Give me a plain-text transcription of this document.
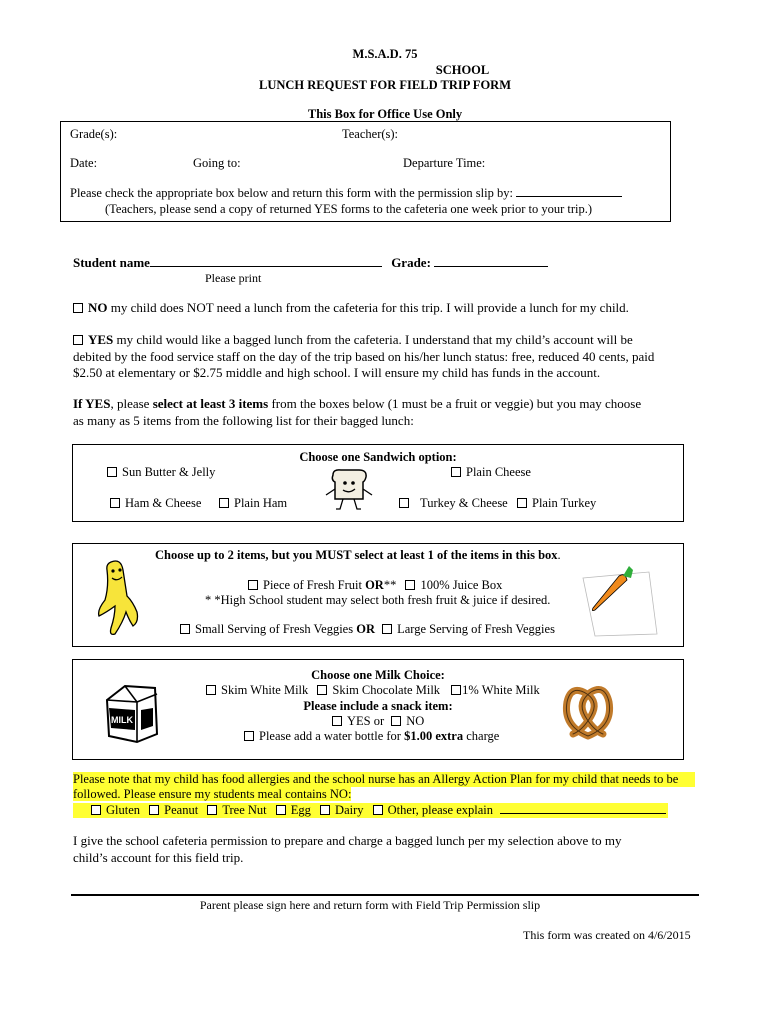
M.S.A.D. 75
SCHOOL
LUNCH REQUEST FOR FIELD TRIP FORM
This Box for Office Use Only
Grade(s):	Teacher(s):
Date:	Going to:	Departure Time:
Please check the appropriate box below and return this form with the permission slip by:
(Teachers, please send a copy of returned YES forms to the cafeteria one week prior to your trip.)
Student name	Grade:
Please print
NO my child does NOT need a lunch from the cafeteria for this trip. I will provide a lunch for my child.
YES my child would like a bagged lunch from the cafeteria. I understand that my child’s account will be
debited by the food service staff on the day of the trip based on his/her lunch status: free, reduced 40 cents, paid
$2.50 at elementary or $2.75 middle and high school. I will ensure my child has funds in the account.
If YES, please select at least 3 items from the boxes below (1 must be a fruit or veggie) but you may choose
as many as 5 items from the following list for their bagged lunch:
Choose one Sandwich option:
Sun Butter & Jelly	Plain Cheese
Ham & Cheese	Plain Ham	Turkey & Cheese	Plain Turkey
Choose up to 2 items, but you MUST select at least 1 of the items in this box.
Piece of Fresh Fruit OR** 100% Juice Box
* *High School student may select both fresh fruit & juice if desired.
Small Serving of Fresh Veggies OR Large Serving of Fresh Veggies
Choose one Milk Choice:
Skim White Milk Skim Chocolate Milk 1% White Milk
Please include a snack item:
YES or NO
Please add a water bottle for $1.00 extra charge
MILK
Please note that my child has food allergies and the school nurse has an Allergy Action Plan for my child that needs to be
followed. Please ensure my students meal contains NO:
Gluten Peanut Tree Nut Egg Dairy Other, please explain
I give the school cafeteria permission to prepare and charge a bagged lunch per my selection above to my
child’s account for this field trip.
Parent please sign here and return form with Field Trip Permission slip
This form was created on 4/6/2015
